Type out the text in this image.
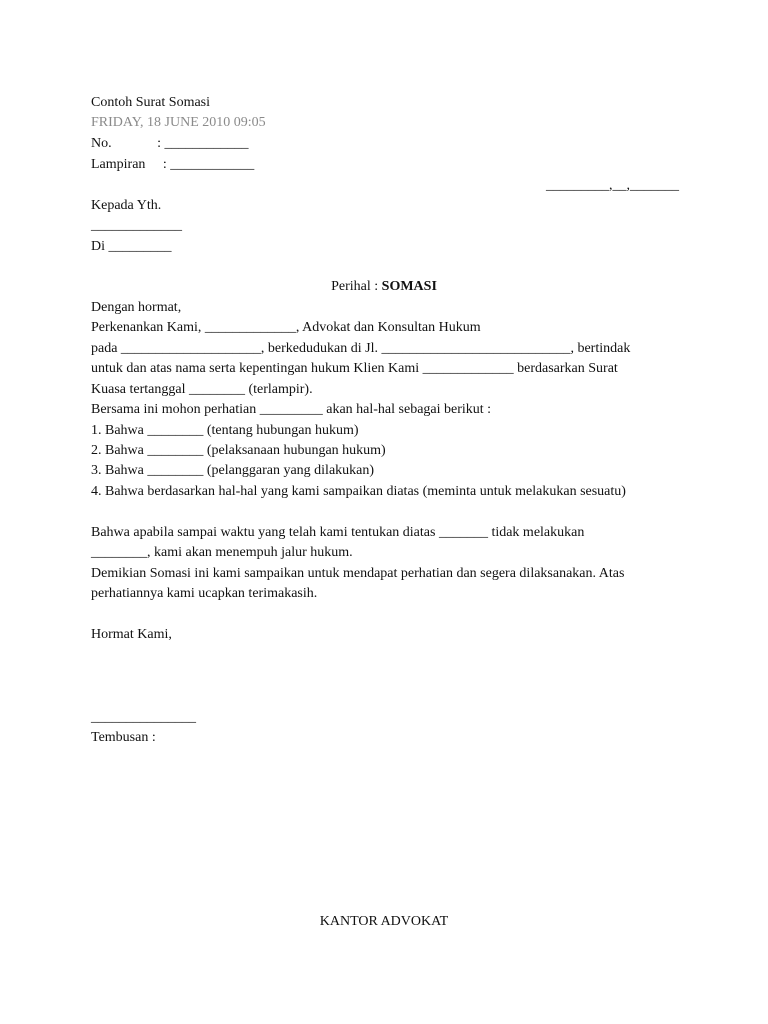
Contoh Surat Somasi
FRIDAY, 18 JUNE 2010 09:05
No.             : ____________
Lampiran     : ____________
_________,__,_______
Kepada Yth.
_____________
Di _________
Perihal : SOMASI
Dengan hormat,
Perkenankan Kami, _____________, Advokat dan Konsultan Hukum
pada ____________________, berkedudukan di Jl. ___________________________, bertindak
untuk dan atas nama serta kepentingan hukum Klien Kami _____________ berdasarkan Surat
Kuasa tertanggal ________ (terlampir).
Bersama ini mohon perhatian _________ akan hal-hal sebagai berikut :
1. Bahwa ________ (tentang hubungan hukum)
2. Bahwa ________ (pelaksanaan hubungan hukum)
3. Bahwa ________ (pelanggaran yang dilakukan)
4. Bahwa berdasarkan hal-hal yang kami sampaikan diatas (meminta untuk melakukan sesuatu)
Bahwa apabila sampai waktu yang telah kami tentukan diatas _______ tidak melakukan
________, kami akan menempuh jalur hukum.
Demikian Somasi ini kami sampaikan untuk mendapat perhatian dan segera dilaksanakan. Atas
perhatiannya kami ucapkan terimakasih.
Hormat Kami,
_______________
Tembusan :
KANTOR ADVOKAT
